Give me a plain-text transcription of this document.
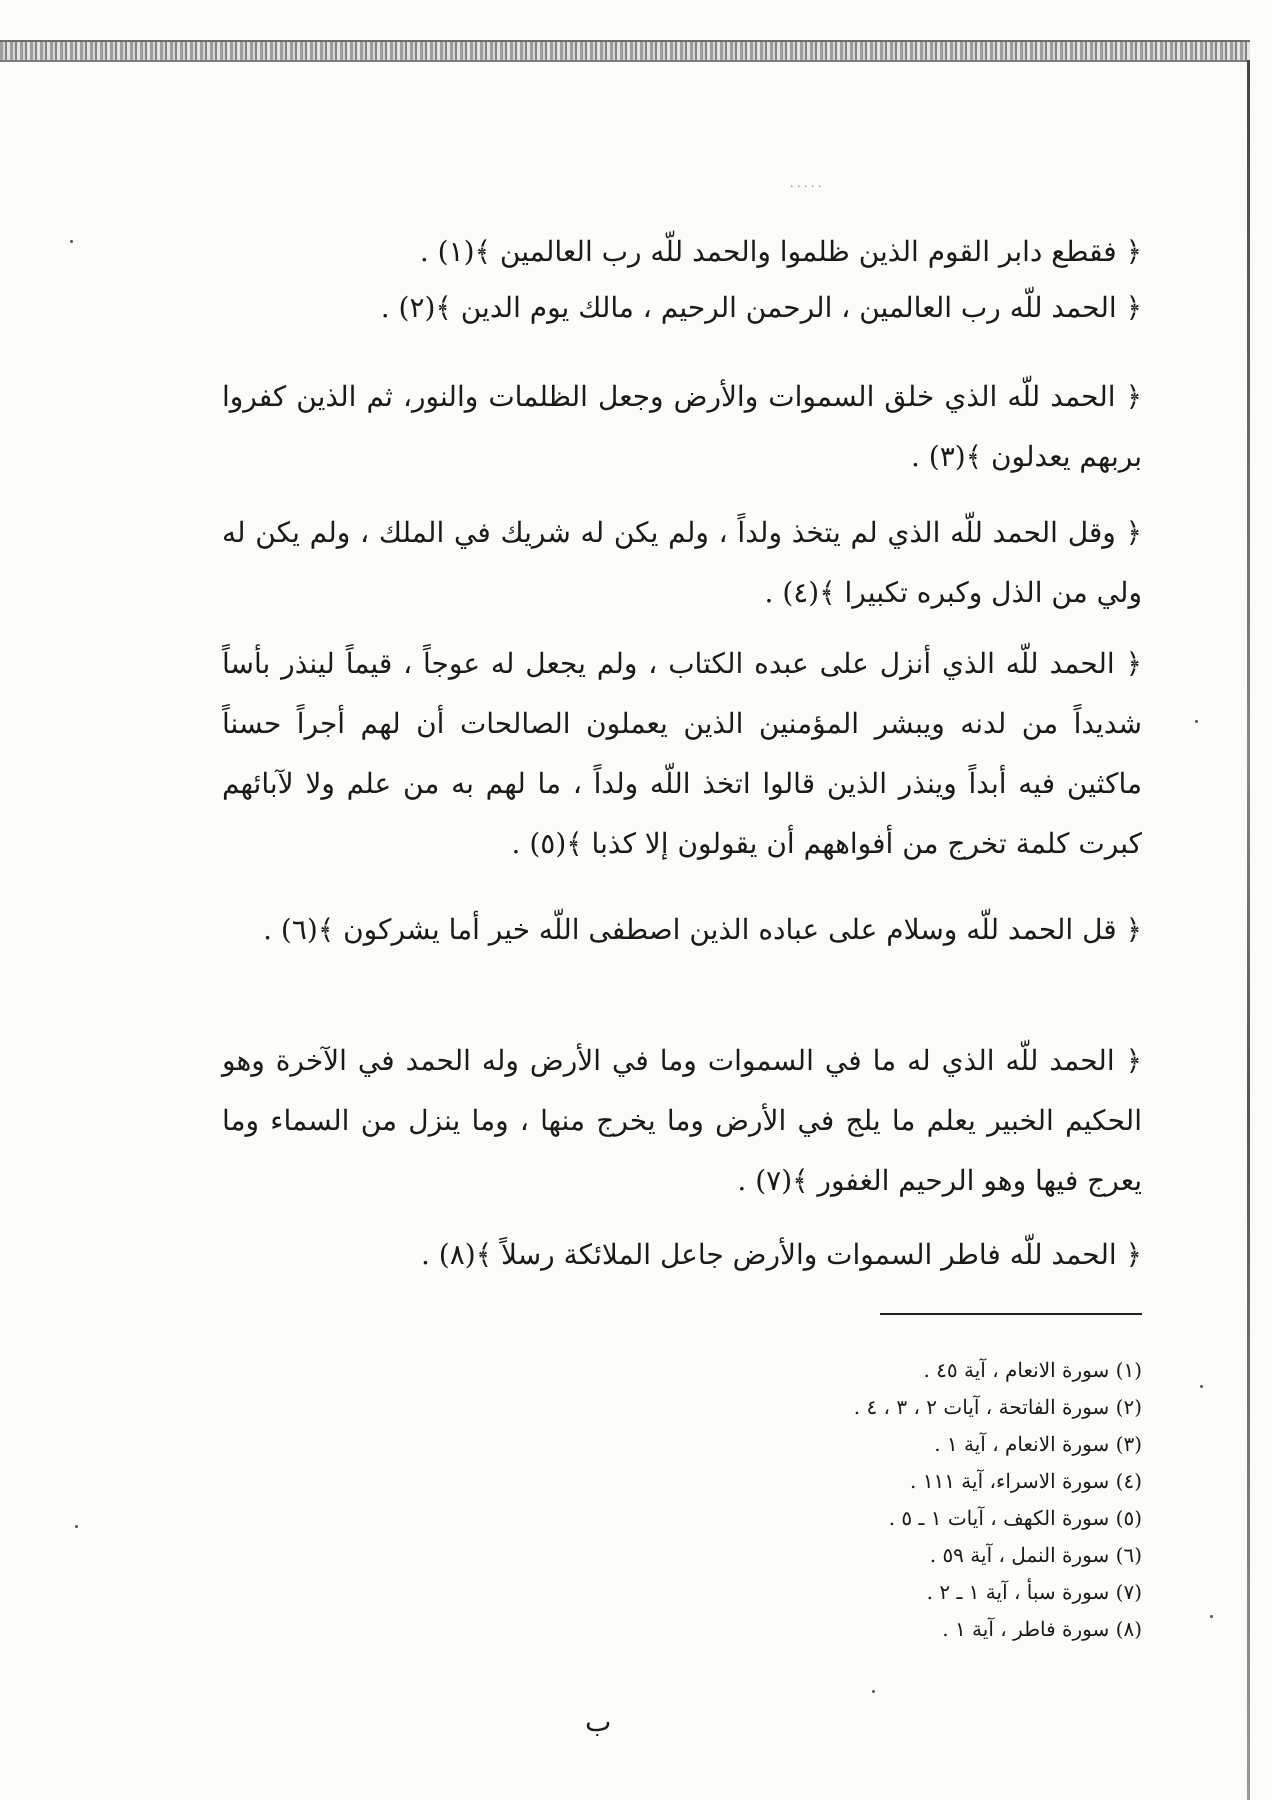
· · · · ·
﴿ فقطع دابر القوم الذين ظلموا والحمد للّه رب العالمين ﴾(١) .
﴿ الحمد للّه رب العالمين ، الرحمن الرحيم ، مالك يوم الدين ﴾(٢) .
﴿ الحمد للّه الذي خلق السموات والأرض وجعل الظلمات والنور، ثم الذين كفروا بربهم يعدلون ﴾(٣) .
﴿ وقل الحمد للّه الذي لم يتخذ ولداً ، ولم يكن له شريك في الملك ، ولم يكن له ولي من الذل وكبره تكبيرا ﴾(٤) .
﴿ الحمد للّه الذي أنزل على عبده الكتاب ، ولم يجعل له عوجاً ، قيماً لينذر بأساً شديداً من لدنه ويبشر المؤمنين الذين يعملون الصالحات أن لهم أجراً حسناً ماكثين فيه أبداً وينذر الذين قالوا اتخذ اللّه ولداً ، ما لهم به من علم ولا لآبائهم كبرت كلمة تخرج من أفواههم أن يقولون إلا كذبا ﴾(٥) .
﴿ قل الحمد للّه وسلام على عباده الذين اصطفى اللّه خير أما يشركون ﴾(٦) .
﴿ الحمد للّه الذي له ما في السموات وما في الأرض وله الحمد في الآخرة وهو الحكيم الخبير يعلم ما يلج في الأرض وما يخرج منها ، وما ينزل من السماء وما يعرج فيها وهو الرحيم الغفور ﴾(٧) .
﴿ الحمد للّه فاطر السموات والأرض جاعل الملائكة رسلاً ﴾(٨) .
(١) سورة الانعام ، آية ٤٥ .
(٢) سورة الفاتحة ، آيات ٢ ، ٣ ، ٤ .
(٣) سورة الانعام ، آية ١ .
(٤) سورة الاسراء، آية ١١١ .
(٥) سورة الكهف ، آيات ١ ـ ٥ .
(٦) سورة النمل ، آية ٥٩ .
(٧) سورة سبأ ، آية ١ ـ ٢ .
(٨) سورة فاطر ، آية ١ .
ب
